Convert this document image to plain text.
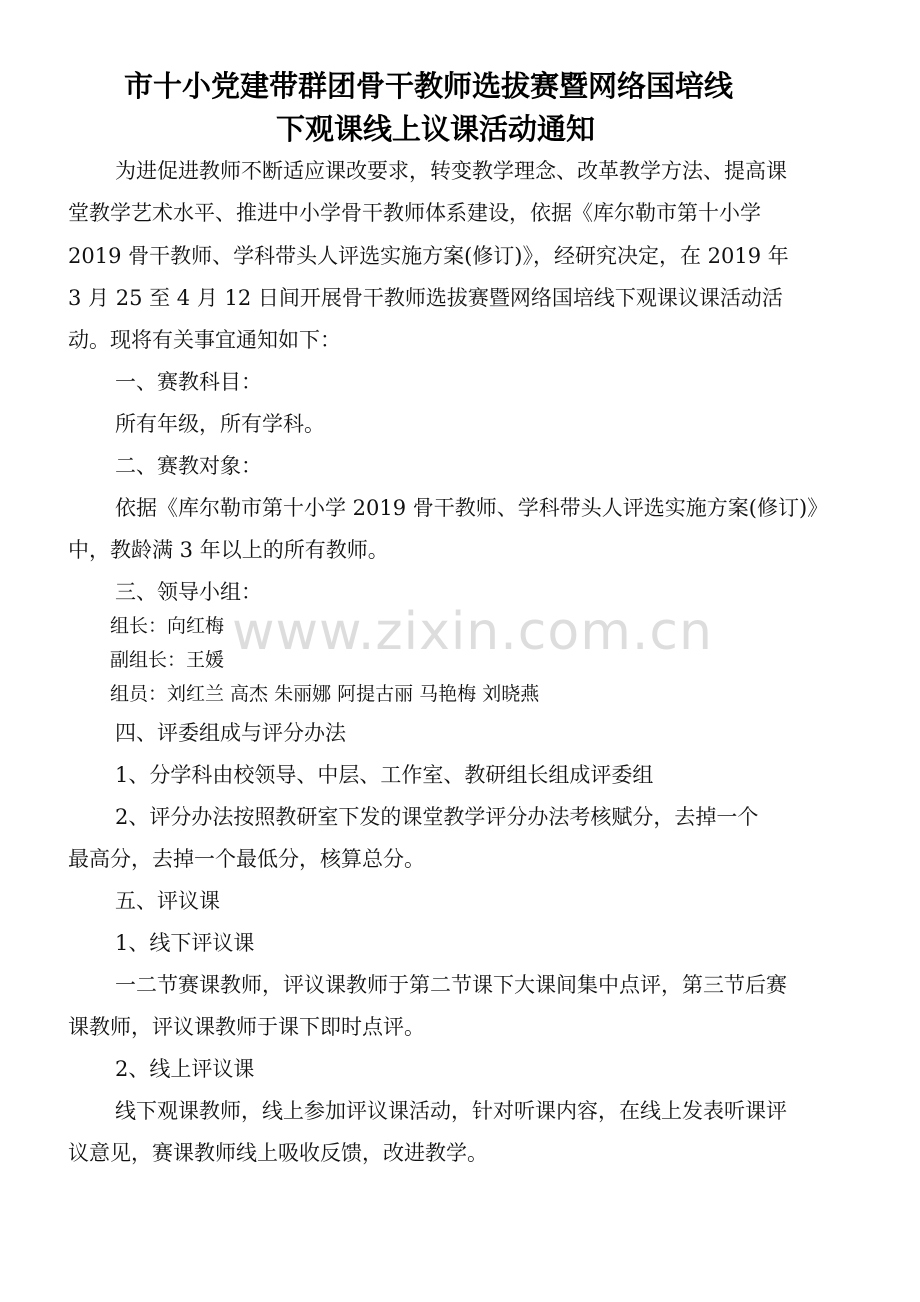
市十小党建带群团骨干教师选拔赛暨网络国培线
下观课线上议课活动通知
为进促进教师不断适应课改要求，转变教学理念、改革教学方法、提高课
堂教学艺术水平、推进中小学骨干教师体系建设，依据《库尔勒市第十小学
2019 骨干教师、学科带头人评选实施方案(修订)》，经研究决定，在 2019 年
3 月 25 至 4 月 12 日间开展骨干教师选拔赛暨网络国培线下观课议课活动活
动。现将有关事宜通知如下：
一、赛教科目：
所有年级，所有学科。
二、赛教对象：
依据《库尔勒市第十小学 2019 骨干教师、学科带头人评选实施方案(修订)》
中，教龄满 3 年以上的所有教师。
三、领导小组：
组长：向红梅
副组长：王媛
组员：刘红兰 高杰 朱丽娜 阿提古丽 马艳梅 刘晓燕
四、评委组成与评分办法
1、分学科由校领导、中层、工作室、教研组长组成评委组
2、评分办法按照教研室下发的课堂教学评分办法考核赋分，去掉一个
最高分，去掉一个最低分，核算总分。
五、评议课
1、线下评议课
一二节赛课教师，评议课教师于第二节课下大课间集中点评，第三节后赛
课教师，评议课教师于课下即时点评。
2、线上评议课
线下观课教师，线上参加评议课活动，针对听课内容，在线上发表听课评
议意见，赛课教师线上吸收反馈，改进教学。
www.zixin.com.cn
